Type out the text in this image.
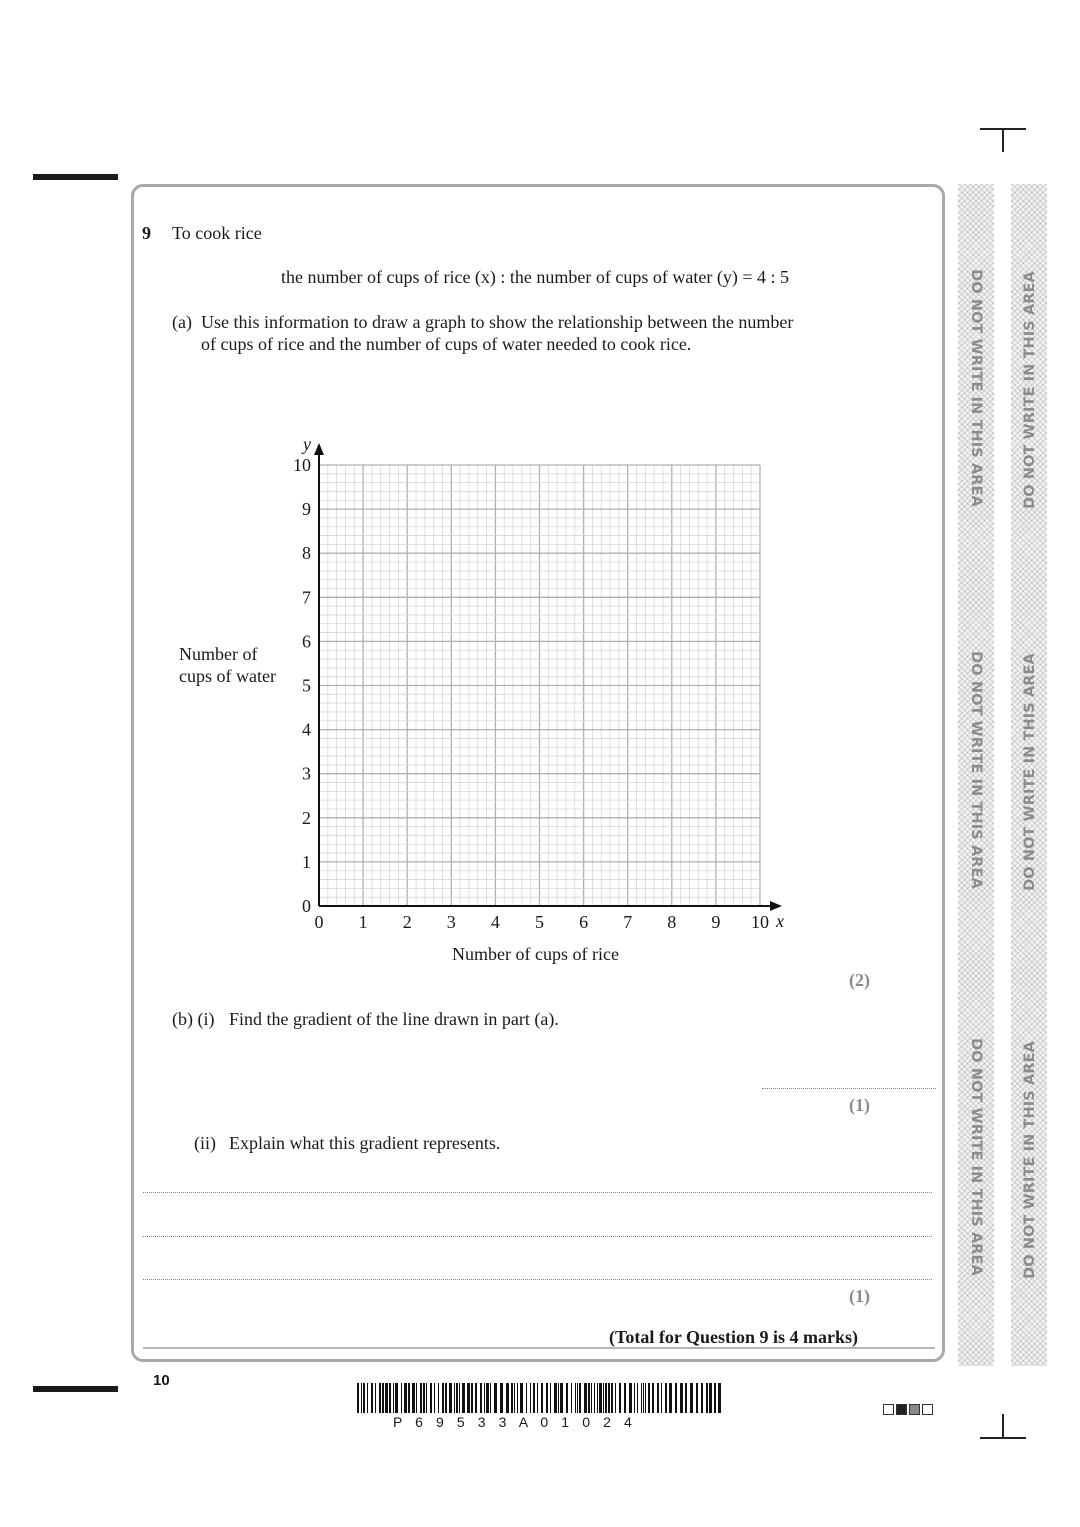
9 To cook rice
the number of cups of rice (x) : the number of cups of water (y) = 4 : 5
(a) Use this information to draw a graph to show the relationship between the number
of cups of rice and the number of cups of water needed to cook rice.
Number of
cups of water
0 1 2 3 4 5 6 7 8 9 10
0
1
2
3
4
5
6
7
8
9
10
x
y
Number of cups of rice
(2)
(b) (i) Find the gradient of the line drawn in part (a).
(1)
(ii) Explain what this gradient represents.
(1)
(Total for Question 9 is 4 marks)
DO NOT WRITE IN THIS AREA
DO NOT WRITE IN THIS AREA
DO NOT WRITE IN THIS AREA
DO NOT WRITE IN THIS AREA
DO NOT WRITE IN THIS AREA
DO NOT WRITE IN THIS AREA
10
P 6 9 5 3 3 A 0 1 0 2 4
